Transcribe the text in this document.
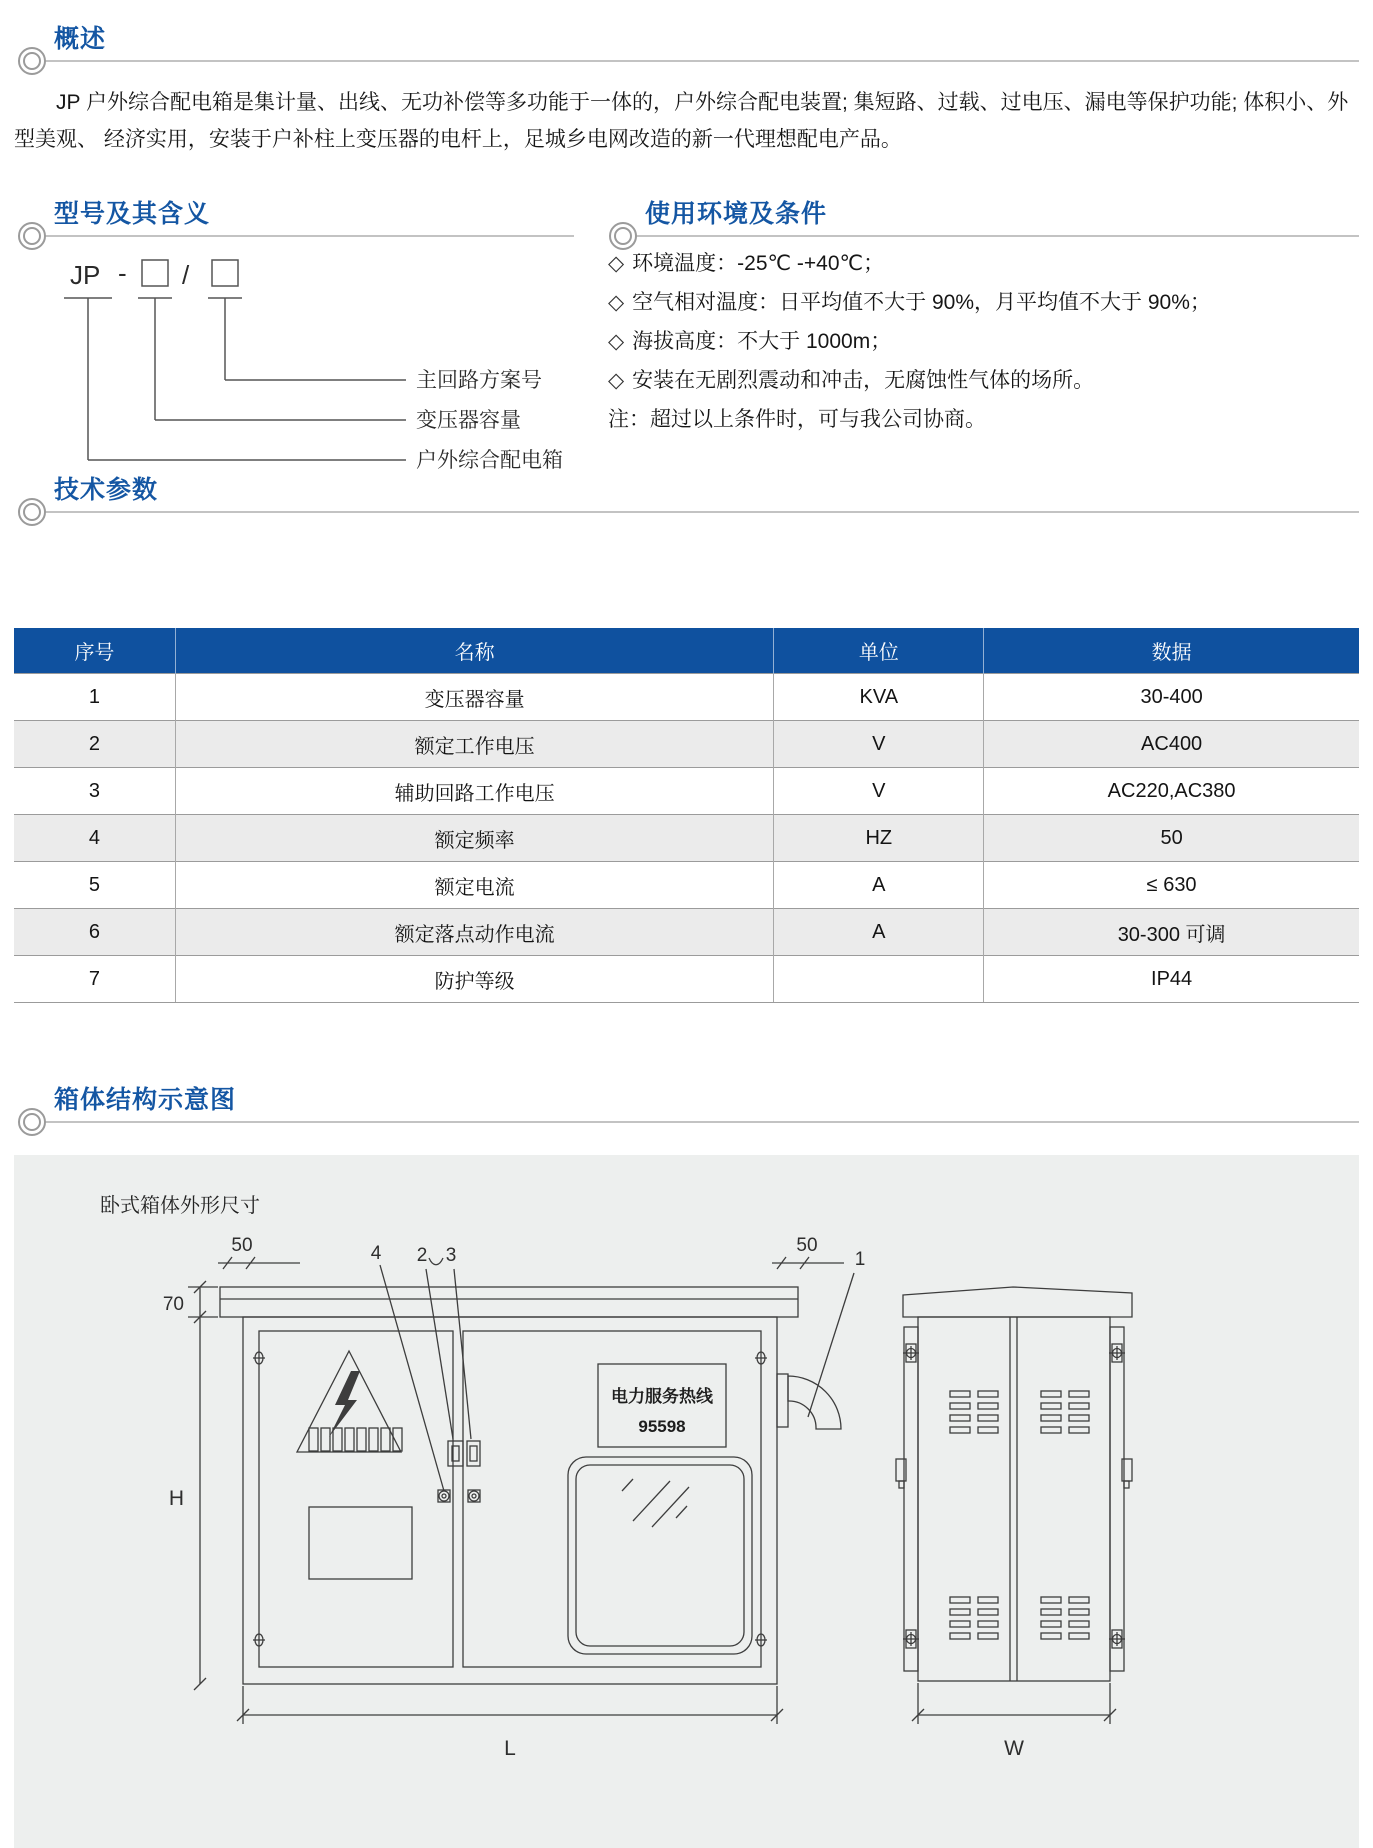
概述

JP 户外综合配电箱是集计量、出线、无功补偿等多功能于一体的，户外综合配电装置; 集短路、过载、过电压、漏电等保护功能; 体积小、外型美观、 经济实用，安装于户补柱上变压器的电杆上，足城乡电网改造的新一代理想配电产品。

型号及其含义
JP - /
主回路方案号
变压器容量
户外综合配电箱
使用环境及条件
◇ 环境温度：-25℃ -+40℃；
◇ 空气相对温度：日平均值不大于 90%，月平均值不大于 90%；
◇ 海拔高度：不大于 1000m；
◇ 安装在无剧烈震动和冲击，无腐蚀性气体的场所。
注：超过以上条件时，可与我公司协商。
技术参数
序号	名称	单位	数据
1	变压器容量	KVA	30-400
2	额定工作电压	V	AC400
3	辅助回路工作电压	V	AC220,AC380
4	额定频率	HZ	50
5	额定电流	A	≤ 630
6	额定落点动作电流	A	30-300 可调
7	防护等级		IP44
箱体结构示意图
卧式箱体外形尺寸
电力服务热线
95598
4 2 3	1
50	50
70
H
L	W
